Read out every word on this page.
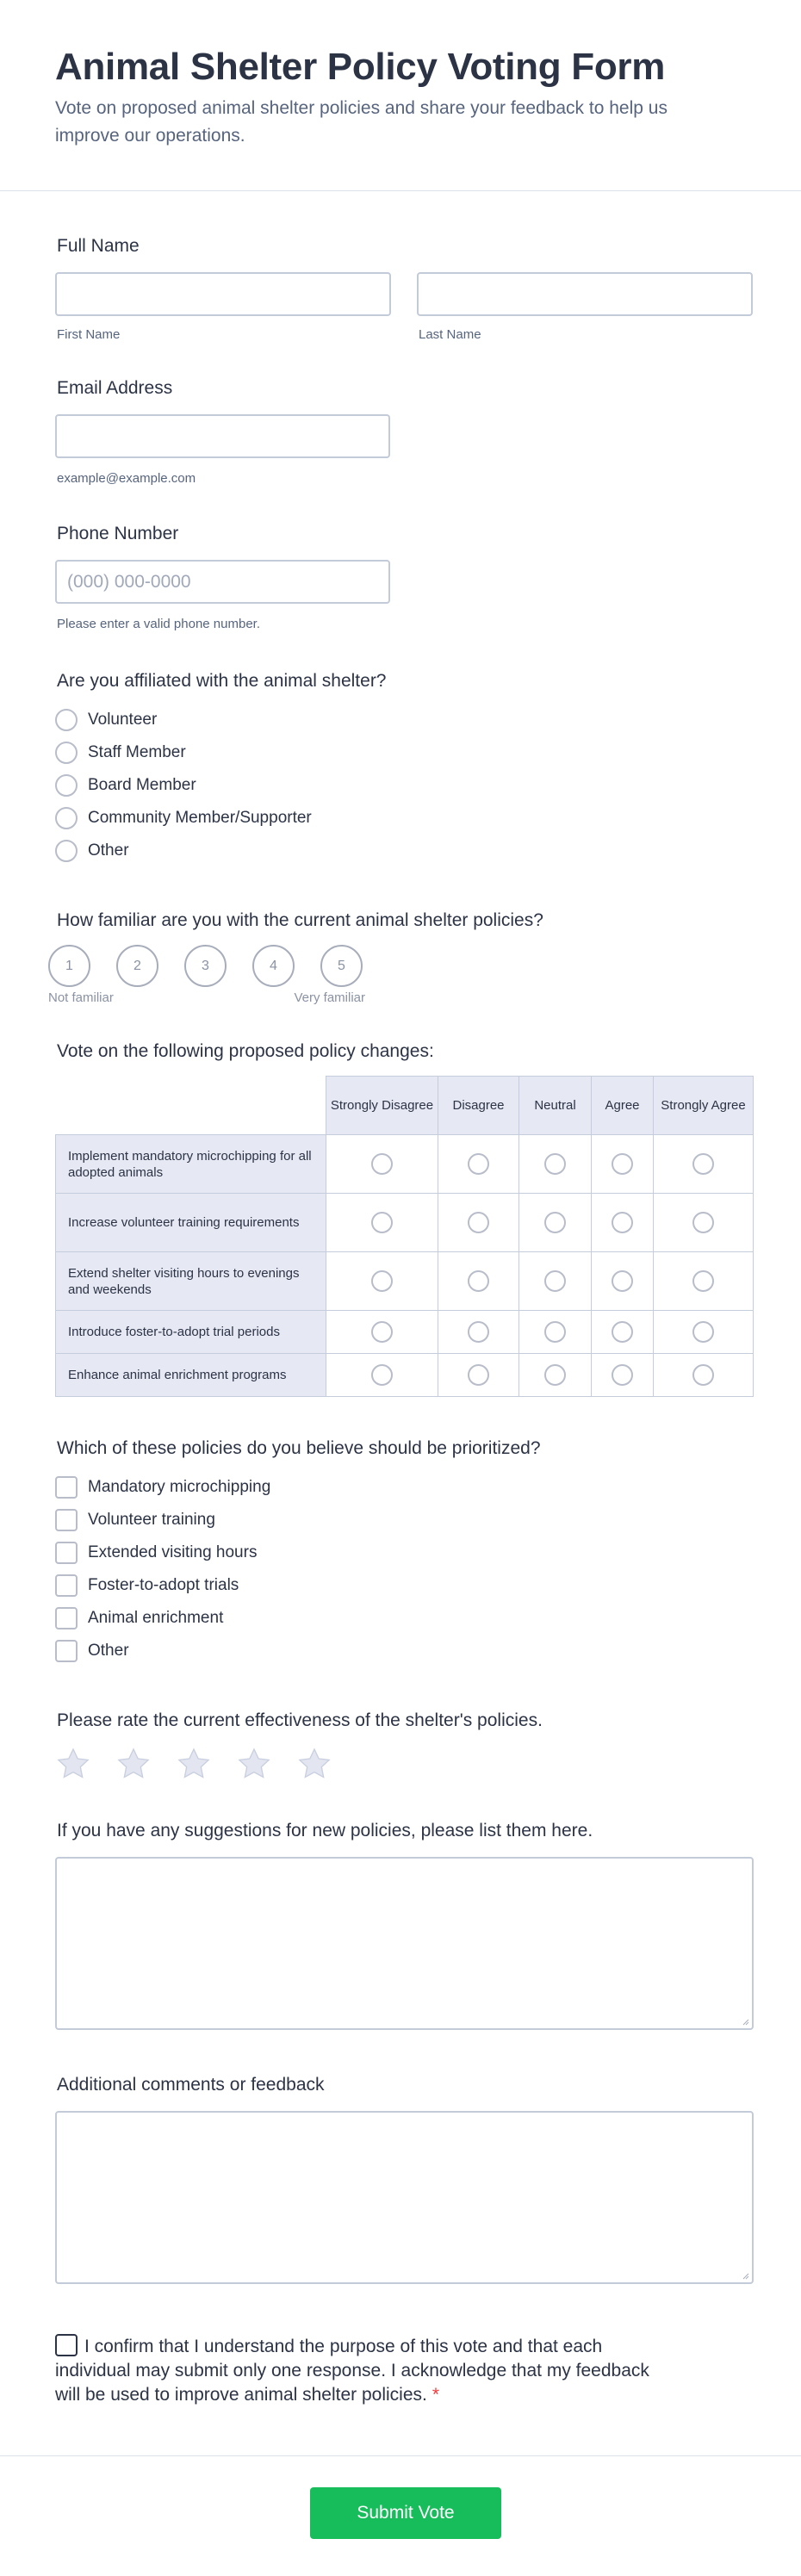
Animal Shelter Policy Voting Form

Vote on proposed animal shelter policies and share your feedback to help us improve our operations.

Full Name
First Name	Last Name
Email Address
example@example.com
Phone Number
(000) 000-0000
Please enter a valid phone number.
Are you affiliated with the animal shelter?
Volunteer
Staff Member
Board Member
Community Member/Supporter
Other
How familiar are you with the current animal shelter policies?
1	2	3	4	5
Not familiar	Very familiar
Vote on the following proposed policy changes:
	Strongly Disagree	Disagree	Neutral	Agree	Strongly Agree
Implement mandatory microchipping for all adopted animals					
Increase volunteer training requirements					
Extend shelter visiting hours to evenings and weekends					
Introduce foster-to-adopt trial periods					
Enhance animal enrichment programs					
Which of these policies do you believe should be prioritized?
Mandatory microchipping
Volunteer training
Extended visiting hours
Foster-to-adopt trials
Animal enrichment
Other
Please rate the current effectiveness of the shelter's policies.
If you have any suggestions for new policies, please list them here.
Additional comments or feedback
I confirm that I understand the purpose of this vote and that each individual may submit only one response. I acknowledge that my feedback will be used to improve animal shelter policies. *
Submit Vote
